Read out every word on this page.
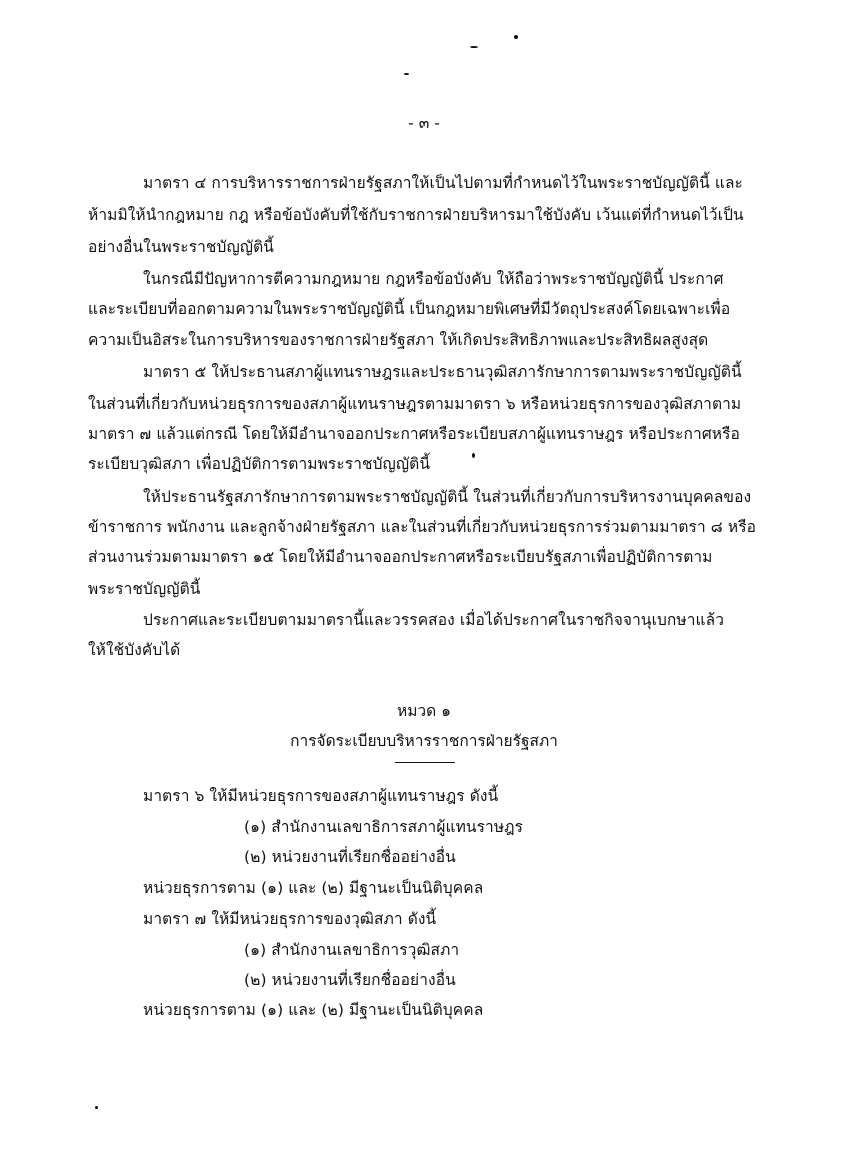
- ๓ -
มาตรา ๔ การบริหารราชการฝ่ายรัฐสภาให้เป็นไปตามที่กำหนดไว้ในพระราชบัญญัตินี้ และ
ห้ามมิให้นำกฎหมาย กฎ หรือข้อบังคับที่ใช้กับราชการฝ่ายบริหารมาใช้บังคับ เว้นแต่ที่กำหนดไว้เป็น
อย่างอื่นในพระราชบัญญัตินี้
ในกรณีมีปัญหาการตีความกฎหมาย กฎหรือข้อบังคับ ให้ถือว่าพระราชบัญญัตินี้ ประกาศ
และระเบียบที่ออกตามความในพระราชบัญญัตินี้ เป็นกฎหมายพิเศษที่มีวัตถุประสงค์โดยเฉพาะเพื่อ
ความเป็นอิสระในการบริหารของราชการฝ่ายรัฐสภา ให้เกิดประสิทธิภาพและประสิทธิผลสูงสุด
มาตรา ๕ ให้ประธานสภาผู้แทนราษฎรและประธานวุฒิสภารักษาการตามพระราชบัญญัตินี้
ในส่วนที่เกี่ยวกับหน่วยธุรการของสภาผู้แทนราษฎรตามมาตรา ๖ หรือหน่วยธุรการของวุฒิสภาตาม
มาตรา ๗ แล้วแต่กรณี โดยให้มีอำนาจออกประกาศหรือระเบียบสภาผู้แทนราษฎร หรือประกาศหรือ
ระเบียบวุฒิสภา เพื่อปฏิบัติการตามพระราชบัญญัตินี้
ให้ประธานรัฐสภารักษาการตามพระราชบัญญัตินี้ ในส่วนที่เกี่ยวกับการบริหารงานบุคคลของ
ข้าราชการ พนักงาน และลูกจ้างฝ่ายรัฐสภา และในส่วนที่เกี่ยวกับหน่วยธุรการร่วมตามมาตรา ๘ หรือ
ส่วนงานร่วมตามมาตรา ๑๕ โดยให้มีอำนาจออกประกาศหรือระเบียบรัฐสภาเพื่อปฏิบัติการตาม
พระราชบัญญัตินี้
ประกาศและระเบียบตามมาตรานี้และวรรคสอง เมื่อได้ประกาศในราชกิจจานุเบกษาแล้ว
ให้ใช้บังคับได้
หมวด ๑
การจัดระเบียบบริหารราชการฝ่ายรัฐสภา
มาตรา ๖ ให้มีหน่วยธุรการของสภาผู้แทนราษฎร ดังนี้
(๑) สำนักงานเลขาธิการสภาผู้แทนราษฎร
(๒) หน่วยงานที่เรียกชื่ออย่างอื่น
หน่วยธุรการตาม (๑) และ (๒) มีฐานะเป็นนิติบุคคล
มาตรา ๗ ให้มีหน่วยธุรการของวุฒิสภา ดังนี้
(๑) สำนักงานเลขาธิการวุฒิสภา
(๒) หน่วยงานที่เรียกชื่ออย่างอื่น
หน่วยธุรการตาม (๑) และ (๒) มีฐานะเป็นนิติบุคคล
